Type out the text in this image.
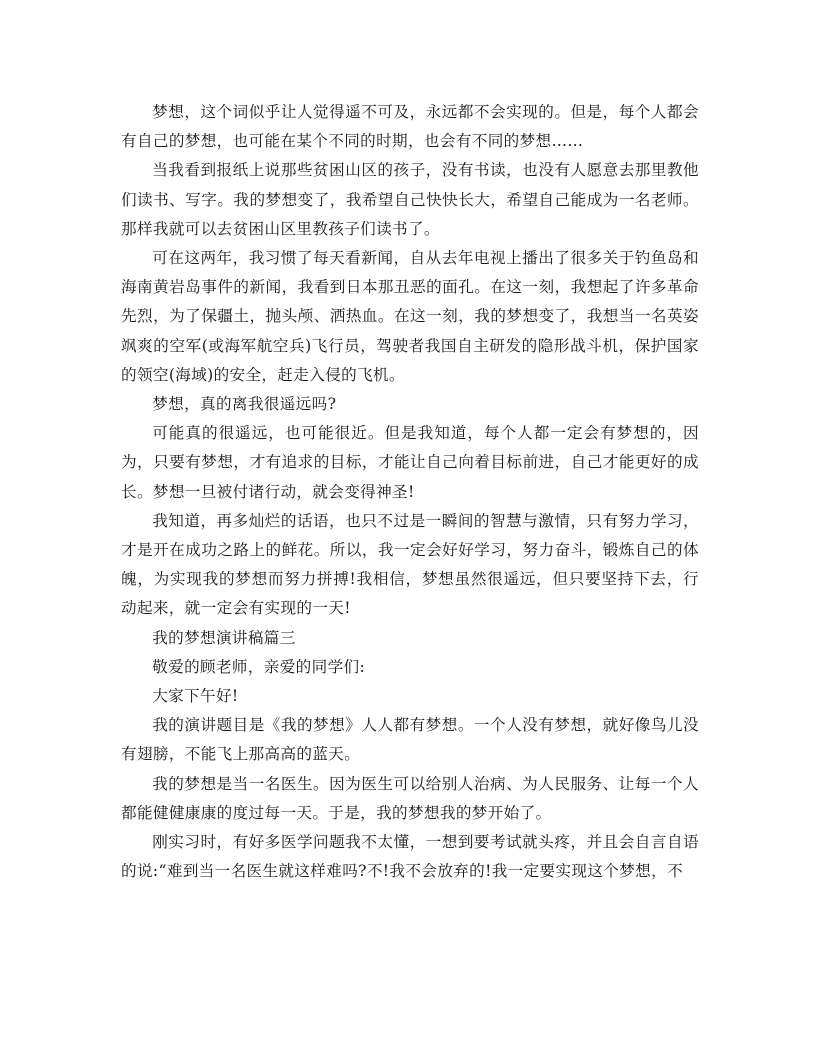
梦想，这个词似乎让人觉得遥不可及，永远都不会实现的。但是，每个人都会有自己的梦想，也可能在某个不同的时期，也会有不同的梦想……

当我看到报纸上说那些贫困山区的孩子，没有书读，也没有人愿意去那里教他们读书、写字。我的梦想变了，我希望自己快快长大，希望自己能成为一名老师。那样我就可以去贫困山区里教孩子们读书了。

可在这两年，我习惯了每天看新闻，自从去年电视上播出了很多关于钓鱼岛和海南黄岩岛事件的新闻，我看到日本那丑恶的面孔。在这一刻，我想起了许多革命先烈，为了保疆土，抛头颅、洒热血。在这一刻，我的梦想变了，我想当一名英姿飒爽的空军(或海军航空兵)飞行员，驾驶者我国自主研发的隐形战斗机，保护国家的领空(海域)的安全，赶走入侵的飞机。

梦想，真的离我很遥远吗?

可能真的很遥远，也可能很近。但是我知道，每个人都一定会有梦想的，因为，只要有梦想，才有追求的目标，才能让自己向着目标前进，自己才能更好的成长。梦想一旦被付诸行动，就会变得神圣!

我知道，再多灿烂的话语，也只不过是一瞬间的智慧与激情，只有努力学习，才是开在成功之路上的鲜花。所以，我一定会好好学习，努力奋斗，锻炼自己的体魄，为实现我的梦想而努力拼搏!我相信，梦想虽然很遥远，但只要坚持下去，行动起来，就一定会有实现的一天!

我的梦想演讲稿篇三

敬爱的顾老师，亲爱的同学们:

大家下午好!

我的演讲题目是《我的梦想》人人都有梦想。一个人没有梦想，就好像鸟儿没有翅膀，不能飞上那高高的蓝天。

我的梦想是当一名医生。因为医生可以给别人治病、为人民服务、让每一个人都能健健康康的度过每一天。于是，我的梦想我的梦开始了。

刚实习时，有好多医学问题我不太懂，一想到要考试就头疼，并且会自言自语的说:“难到当一名医生就这样难吗?不!我不会放弃的!我一定要实现这个梦想，不
